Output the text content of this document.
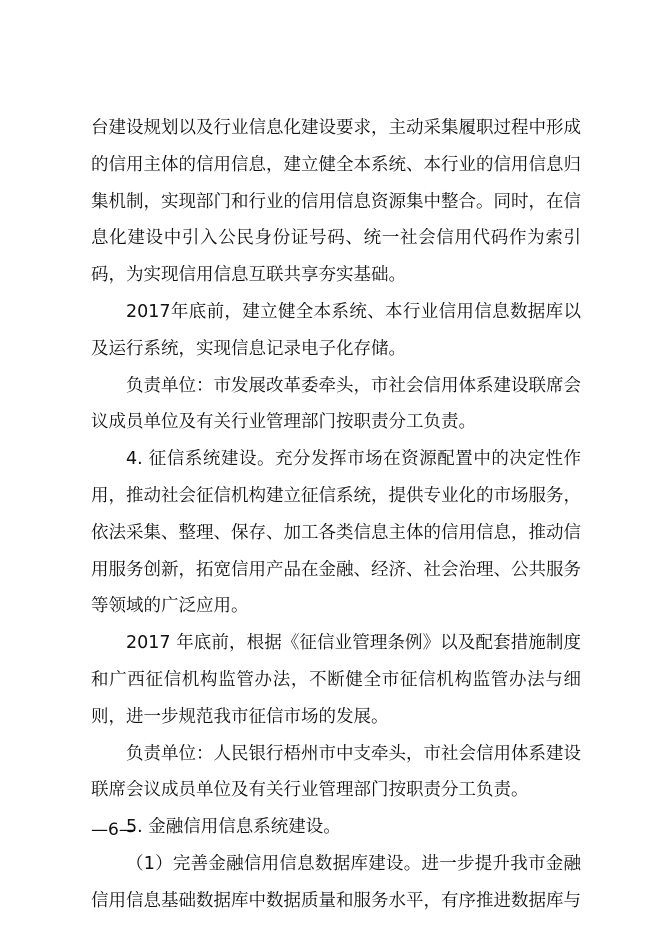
台建设规划以及行业信息化建设要求，主动采集履职过程中形成的信用主体的信用信息，建立健全本系统、本行业的信用信息归集机制，实现部门和行业的信用信息资源集中整合。同时，在信息化建设中引入公民身份证号码、统一社会信用代码作为索引码，为实现信用信息互联共享夯实基础。

2017年底前，建立健全本系统、本行业信用信息数据库以及运行系统，实现信息记录电子化存储。

负责单位：市发展改革委牵头，市社会信用体系建设联席会议成员单位及有关行业管理部门按职责分工负责。

4. 征信系统建设。充分发挥市场在资源配置中的决定性作用，推动社会征信机构建立征信系统，提供专业化的市场服务，依法采集、整理、保存、加工各类信息主体的信用信息，推动信用服务创新，拓宽信用产品在金融、经济、社会治理、公共服务等领域的广泛应用。

2017 年底前，根据《征信业管理条例》以及配套措施制度和广西征信机构监管办法，不断健全市征信机构监管办法与细则，进一步规范我市征信市场的发展。

负责单位：人民银行梧州市中支牵头，市社会信用体系建设联席会议成员单位及有关行业管理部门按职责分工负责。

5. 金融信用信息系统建设。

（1）完善金融信用信息数据库建设。进一步提升我市金融信用信息基础数据库中数据质量和服务水平，有序推进数据库与

—6—
